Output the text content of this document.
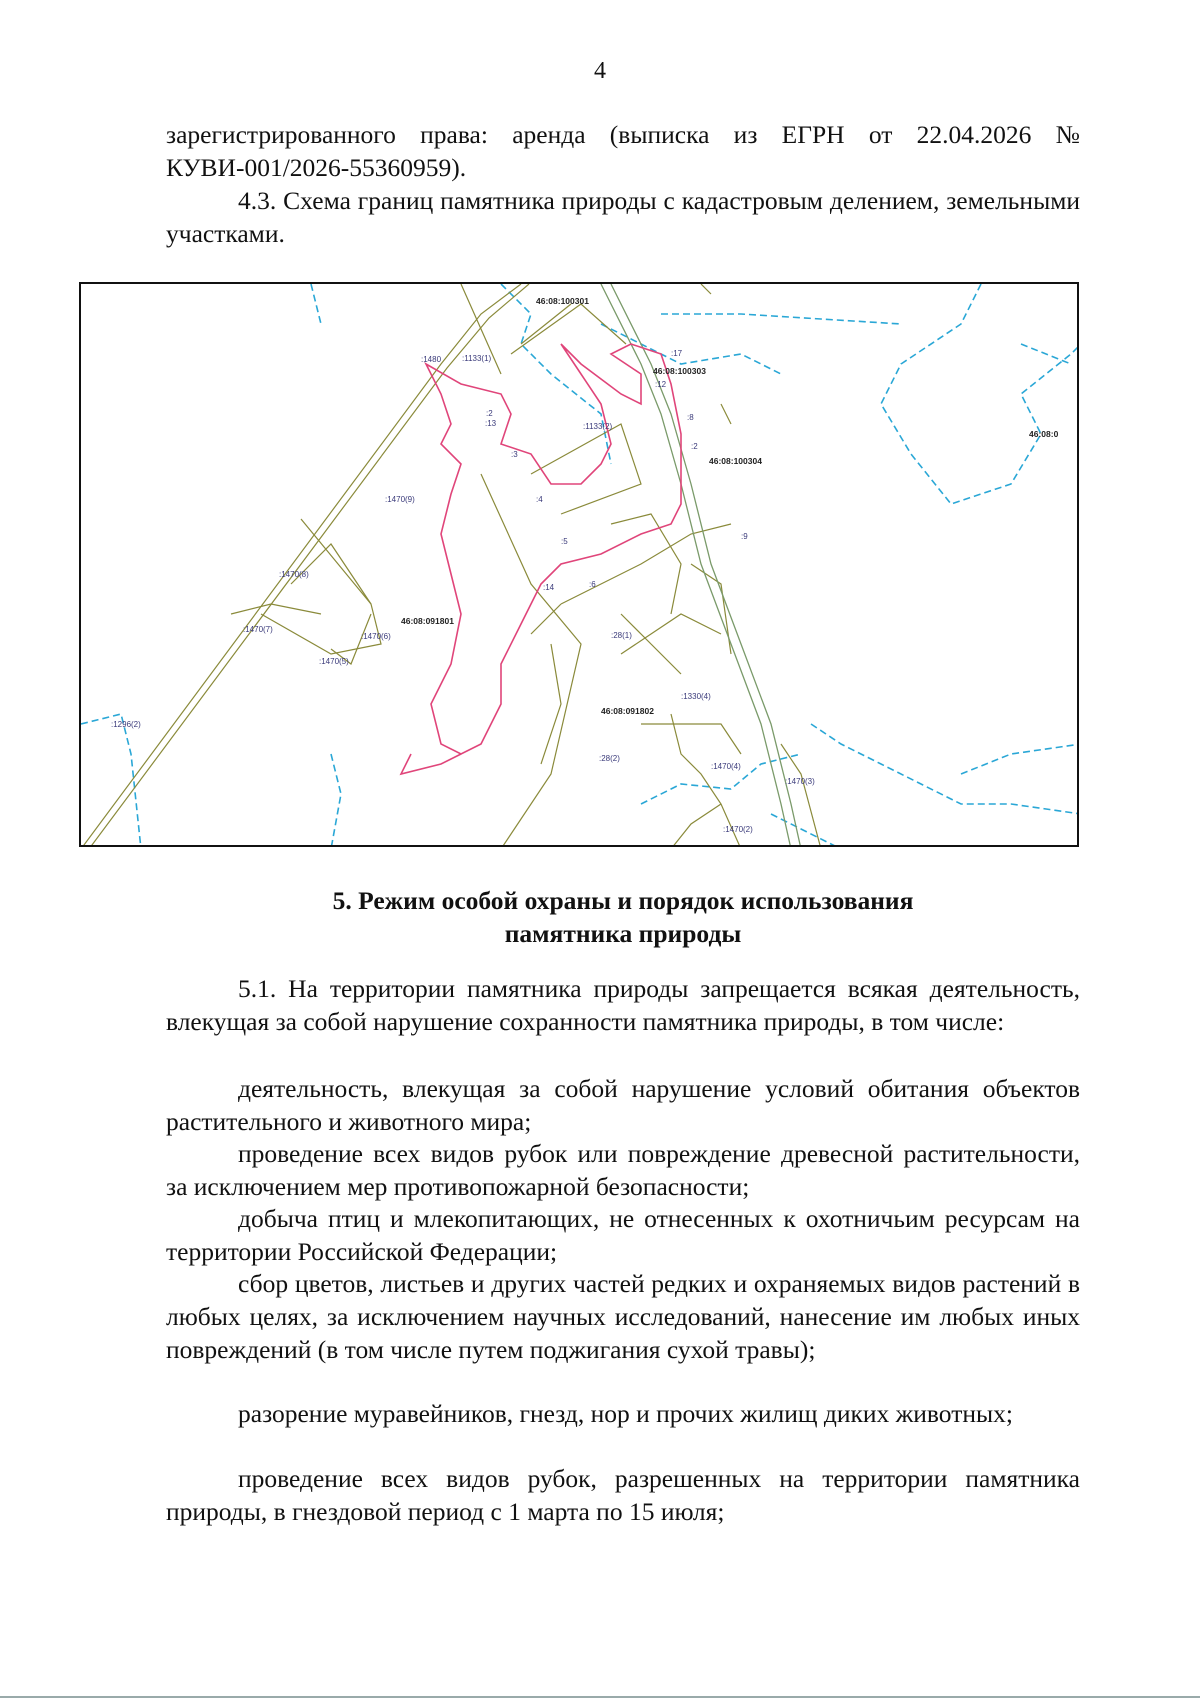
4

зарегистрированного права: аренда (выписка из ЕГРН от 22.04.2026 № КУВИ-001/2026-55360959).

4.3. Схема границ памятника природы с кадастровым делением, земельными участками.

46:08:100301
46:08:100303
46:08:100304
46:08:091801
46:08:091802
46:08:0
:1133(1)
:1133(2)
:1470(9)
:1470(8)
:1470(7)
:1470(6)
:1470(5)
:1470(4)
:1470(3)
:1470(2)
:1330(4)
:28(1)
:28(2)
:1296(2)
:1480
:2
:3
:4
:5
:6
:9
:12
:13
:14
:17
:8
:2
5. Режим особой охраны и порядок использования
памятника природы

5.1. На территории памятника природы запрещается всякая деятельность, влекущая за собой нарушение сохранности памятника природы, в том числе:

деятельность, влекущая за собой нарушение условий обитания объектов растительного и животного мира;

проведение всех видов рубок или повреждение древесной растительности, за исключением мер противопожарной безопасности;

добыча птиц и млекопитающих, не отнесенных к охотничьим ресурсам на территории Российской Федерации;

сбор цветов, листьев и других частей редких и охраняемых видов растений в любых целях, за исключением научных исследований, нанесение им любых иных повреждений (в том числе путем поджигания сухой травы);

разорение муравейников, гнезд, нор и прочих жилищ диких животных;

проведение всех видов рубок, разрешенных на территории памятника природы, в гнездовой период с 1 марта по 15 июля;
